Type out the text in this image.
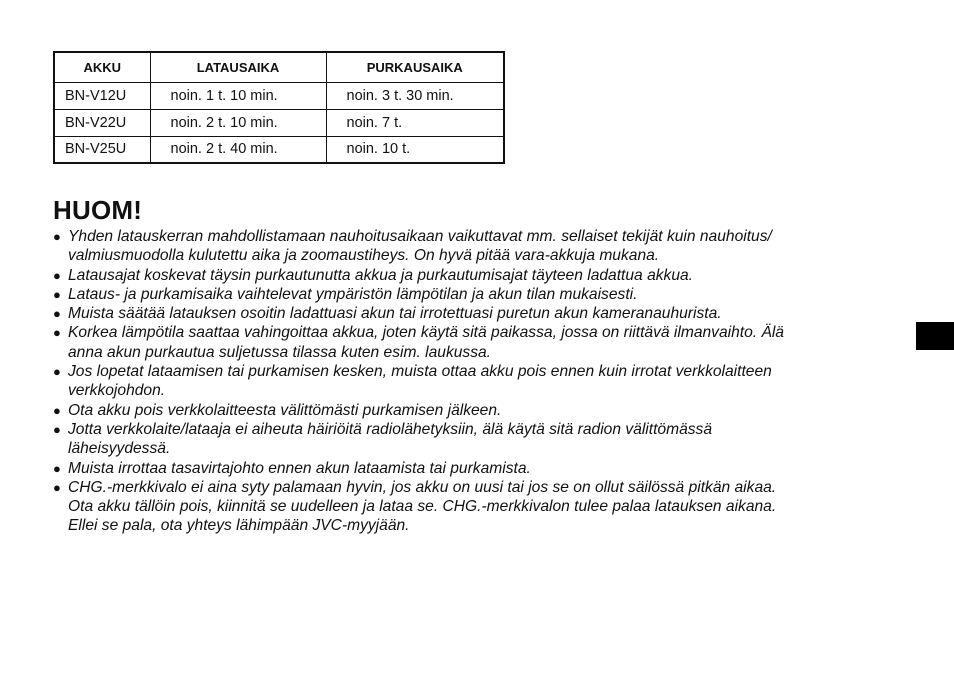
AKKU	LATAUSAIKA	PURKAUSAIKA
BN-V12U	noin. 1 t. 10 min.	noin. 3 t. 30 min.
BN-V22U	noin. 2 t. 10 min.	noin. 7 t.
BN-V25U	noin. 2 t. 40 min.	noin. 10 t.
HUOM!
● Yhden latauskerran mahdollistamaan nauhoitusaikaan vaikuttavat mm. sellaiset tekijät kuin nauhoitus/
valmiusmuodolla kulutettu aika ja zoomaustiheys. On hyvä pitää vara-akkuja mukana.
● Latausajat koskevat täysin purkautunutta akkua ja purkautumisajat täyteen ladattua akkua.
● Lataus- ja purkamisaika vaihtelevat ympäristön lämpötilan ja akun tilan mukaisesti.
● Muista säätää latauksen osoitin ladattuasi akun tai irrotettuasi puretun akun kameranauhurista.
● Korkea lämpötila saattaa vahingoittaa akkua, joten käytä sitä paikassa, jossa on riittävä ilmanvaihto. Älä
anna akun purkautua suljetussa tilassa kuten esim. laukussa.
● Jos lopetat lataamisen tai purkamisen kesken, muista ottaa akku pois ennen kuin irrotat verkkolaitteen
verkkojohdon.
● Ota akku pois verkkolaitteesta välittömästi purkamisen jälkeen.
● Jotta verkkolaite/lataaja ei aiheuta häiriöitä radiolähetyksiin, älä käytä sitä radion välittömässä
läheisyydessä.
● Muista irrottaa tasavirtajohto ennen akun lataamista tai purkamista.
● CHG.-merkkivalo ei aina syty palamaan hyvin, jos akku on uusi tai jos se on ollut säilössä pitkän aikaa.
Ota akku tällöin pois, kiinnitä se uudelleen ja lataa se. CHG.-merkkivalon tulee palaa latauksen aikana.
Ellei se pala, ota yhteys lähimpään JVC-myyjään.
